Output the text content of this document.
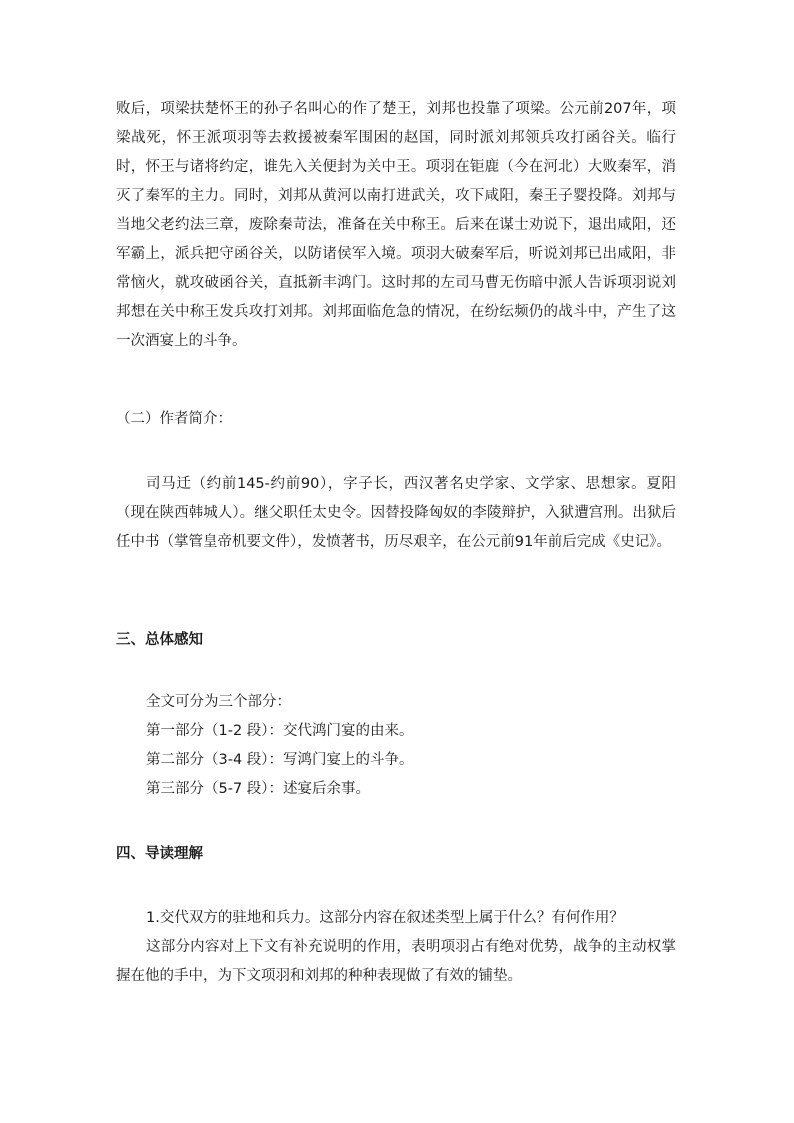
败后，项梁扶楚怀王的孙子名叫心的作了楚王，刘邦也投靠了项梁。公元前207年，项梁战死，怀王派项羽等去救援被秦军围困的赵国，同时派刘邦领兵攻打函谷关。临行时，怀王与诸将约定，谁先入关便封为关中王。项羽在钜鹿（今在河北）大败秦军，消灭了秦军的主力。同时，刘邦从黄河以南打进武关，攻下咸阳，秦王子婴投降。刘邦与当地父老约法三章，废除秦苛法，准备在关中称王。后来在谋士劝说下，退出咸阳，还军霸上，派兵把守函谷关，以防诸侯军入境。项羽大破秦军后，听说刘邦已出咸阳，非常恼火，就攻破函谷关，直抵新丰鸿门。这时邦的左司马曹无伤暗中派人告诉项羽说刘邦想在关中称王发兵攻打刘邦。刘邦面临危急的情况，在纷纭频仍的战斗中，产生了这一次酒宴上的斗争。

（二）作者简介：

司马迁（约前145-约前90），字子长，西汉著名史学家、文学家、思想家。夏阳（现在陕西韩城人）。继父职任太史令。因替投降匈奴的李陵辩护，入狱遭宫刑。出狱后任中书（掌管皇帝机要文件），发愤著书，历尽艰辛，在公元前91年前后完成《史记》。

三、总体感知

全文可分为三个部分：

第一部分（1-2 段）：交代鸿门宴的由来。

第二部分（3-4 段）：写鸿门宴上的斗争。

第三部分（5-7 段）：述宴后余事。

四、导读理解

1.交代双方的驻地和兵力。这部分内容在叙述类型上属于什么？有何作用？

这部分内容对上下文有补充说明的作用，表明项羽占有绝对优势，战争的主动权掌握在他的手中，为下文项羽和刘邦的种种表现做了有效的铺垫。
